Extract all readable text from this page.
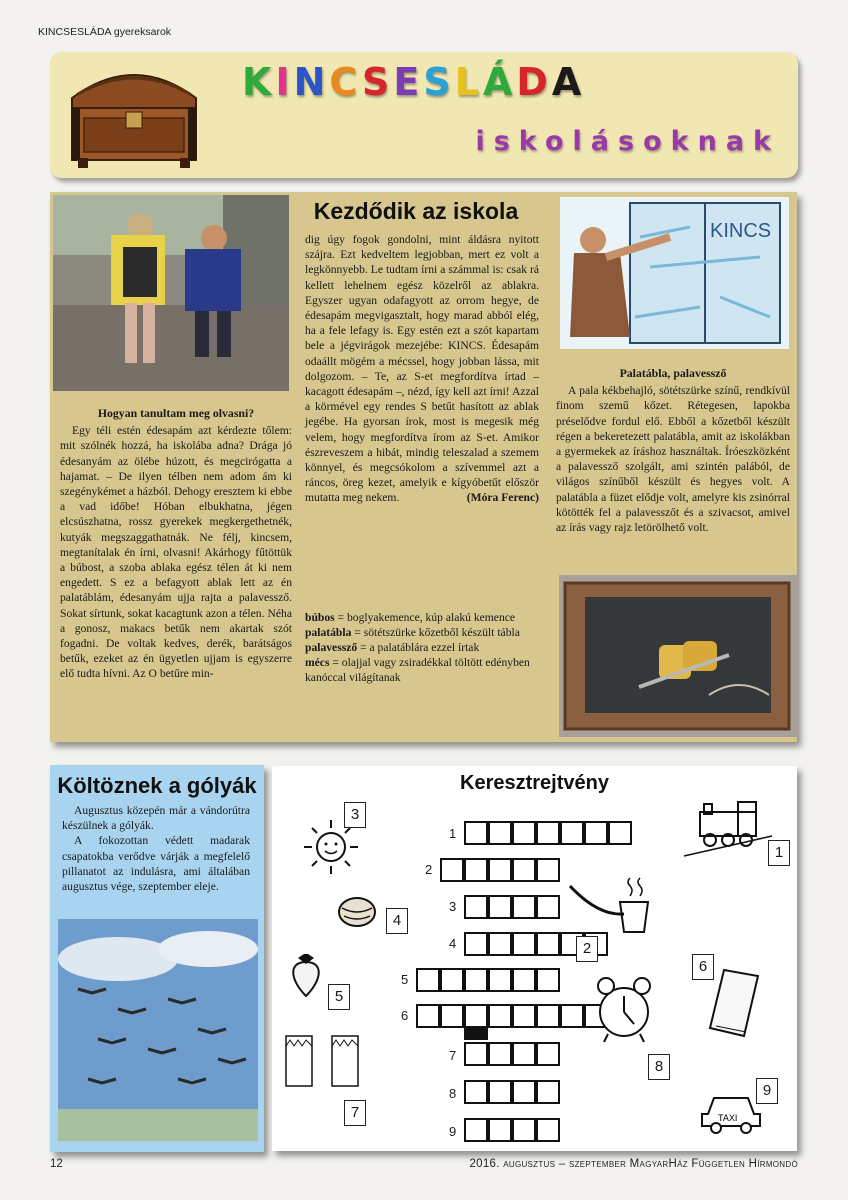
KINCSESLÁDA gyereksarok
KINCSESLÁDA
iskolásoknak
Kezdődik az iskola
KINCS
Hogyan tanultam meg olvasni?

Egy téli estén édesapám azt kérdezte tőlem: mit szólnék hozzá, ha iskolába adna? Drága jó édesanyám az ölébe húzott, és megcirógatta a hajamat. – De ilyen télben nem adom ám ki szegénykémet a házból. Dehogy eresztem ki ebbe a vad időbe! Hóban elbukhatna, jégen elcsúszhatna, rossz gyerekek megkergethetnék, kutyák megszaggathatnák. Ne félj, kincsem, megtanítalak én írni, olvasni! Akárhogy fűtöttük a búbost, a szoba ablaka egész télen át ki nem engedett. S ez a befagyott ablak lett az én palatáblám, édesanyám ujja rajta a palavessző. Sokat sírtunk, sokat kacagtunk azon a télen. Néha a gonosz, makacs betűk nem akartak szót fogadni. De voltak kedves, derék, barátságos betűk, ezeket az én ügyetlen ujjam is egyszerre elő tudta hívni. Az O betűre min-

dig úgy fogok gondolni, mint áldásra nyitott szájra. Ezt kedveltem legjobban, mert ez volt a legkönnyebb. Le tudtam írni a számmal is: csak rá kellett lehelnem egész közelről az ablakra. Egyszer ugyan odafagyott az orrom hegye, de édesapám megvigasztalt, hogy marad abból elég, ha a fele lefagy is. Egy estén ezt a szót kapartam bele a jégvirágok mezejébe: KINCS. Édesapám odaállt mögém a mécssel, hogy jobban lássa, mit dolgozom. – Te, az S-et megfordítva írtad – kacagott édesapám –, nézd, így kell azt írni! Azzal a körmével egy rendes S betűt hasított az ablak jegébe. Ha gyorsan írok, most is megesik még velem, hogy megfordítva írom az S-et. Amikor észreveszem a hibát, mindig teleszalad a szemem könnyel, és megcsókolom a szívemmel azt a ráncos, öreg kezet, amelyik e kígyóbetűt először mutatta meg nekem.	(Móra Ferenc)
búbos = boglyakemence, kúp alakú kemence
palatábla = sötétszürke kőzetből készült tábla
palavessző = a palatáblára ezzel írtak
mécs = olajjal vagy zsiradékkal töltött edényben kanóccal világítanak
Palatábla, palavessző

A pala kékbehajló, sötétszürke színű, rendkívül finom szemű kőzet. Rétegesen, lapokba préselődve fordul elő. Ebből a kőzetből készült régen a bekeretezett palatábla, amit az iskolákban a gyermekek az íráshoz használtak. Íróeszközként a palavessző szolgált, ami szintén palából, de világos színűből készült és hegyes volt. A palatábla a füzet elődje volt, amelyre kis zsinórral kötötték fel a palavesszőt és a szivacsot, amivel az írás vagy rajz letörölhető volt.

Költöznek a gólyák

Augusztus közepén már a vándorútra készülnek a gólyák.

A fokozottan védett madarak csapatokba verődve várják a megfelelő pillanatot az indulásra, ami általában augusztus vége, szeptember eleje.

Keresztrejtvény
1
2
3
4
5
6
7
8
9
1
2
3
4
5
6
7
8
TAXI
9
12	2016. augusztus – szeptember MagyarHáz Független Hírmondó
